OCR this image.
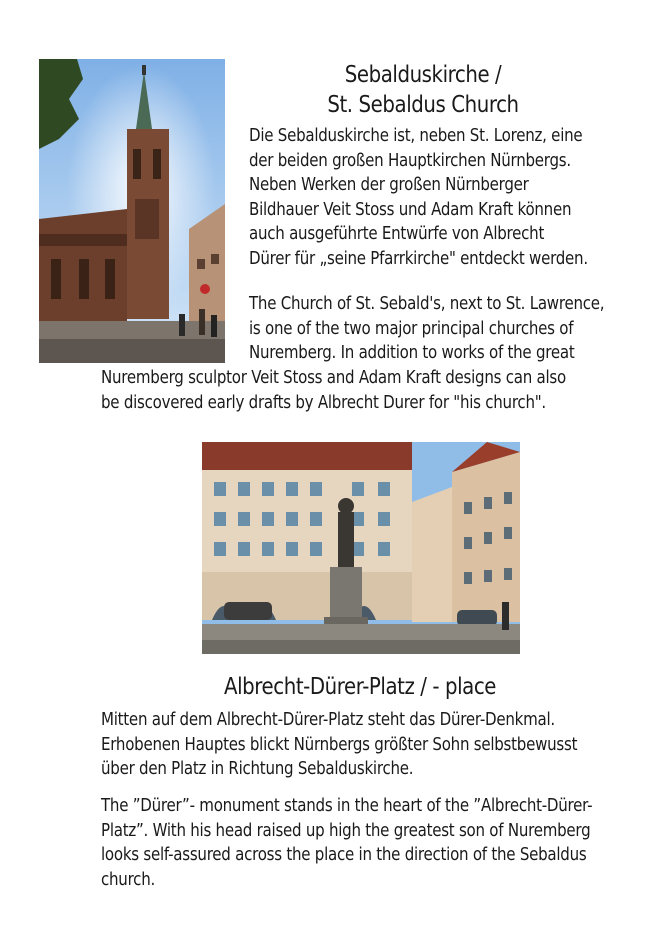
Sebalduskirche /
St. Sebaldus Church
Die Sebalduskirche ist, neben St. Lorenz, eine
der beiden großen Hauptkirchen Nürnbergs.
Neben Werken der großen Nürnberger
Bildhauer Veit Stoss und Adam Kraft können
auch ausgeführte Entwürfe von Albrecht
Dürer für „seine Pfarrkirche" entdeckt werden.
The Church of St. Sebald's, next to St. Lawrence,
is one of the two major principal churches of
Nuremberg. In addition to works of the great
Nuremberg sculptor Veit Stoss and Adam Kraft designs can also
be discovered early drafts by Albrecht Durer for "his church".
Albrecht-Dürer-Platz / - place
Mitten auf dem Albrecht-Dürer-Platz steht das Dürer-Denkmal.
Erhobenen Hauptes blickt Nürnbergs größter Sohn selbstbewusst
über den Platz in Richtung Sebalduskirche.
The ”Dürer”- monument stands in the heart of the ”Albrecht-Dürer-
Platz”. With his head raised up high the greatest son of Nuremberg
looks self-assured across the place in the direction of the Sebaldus
church.
